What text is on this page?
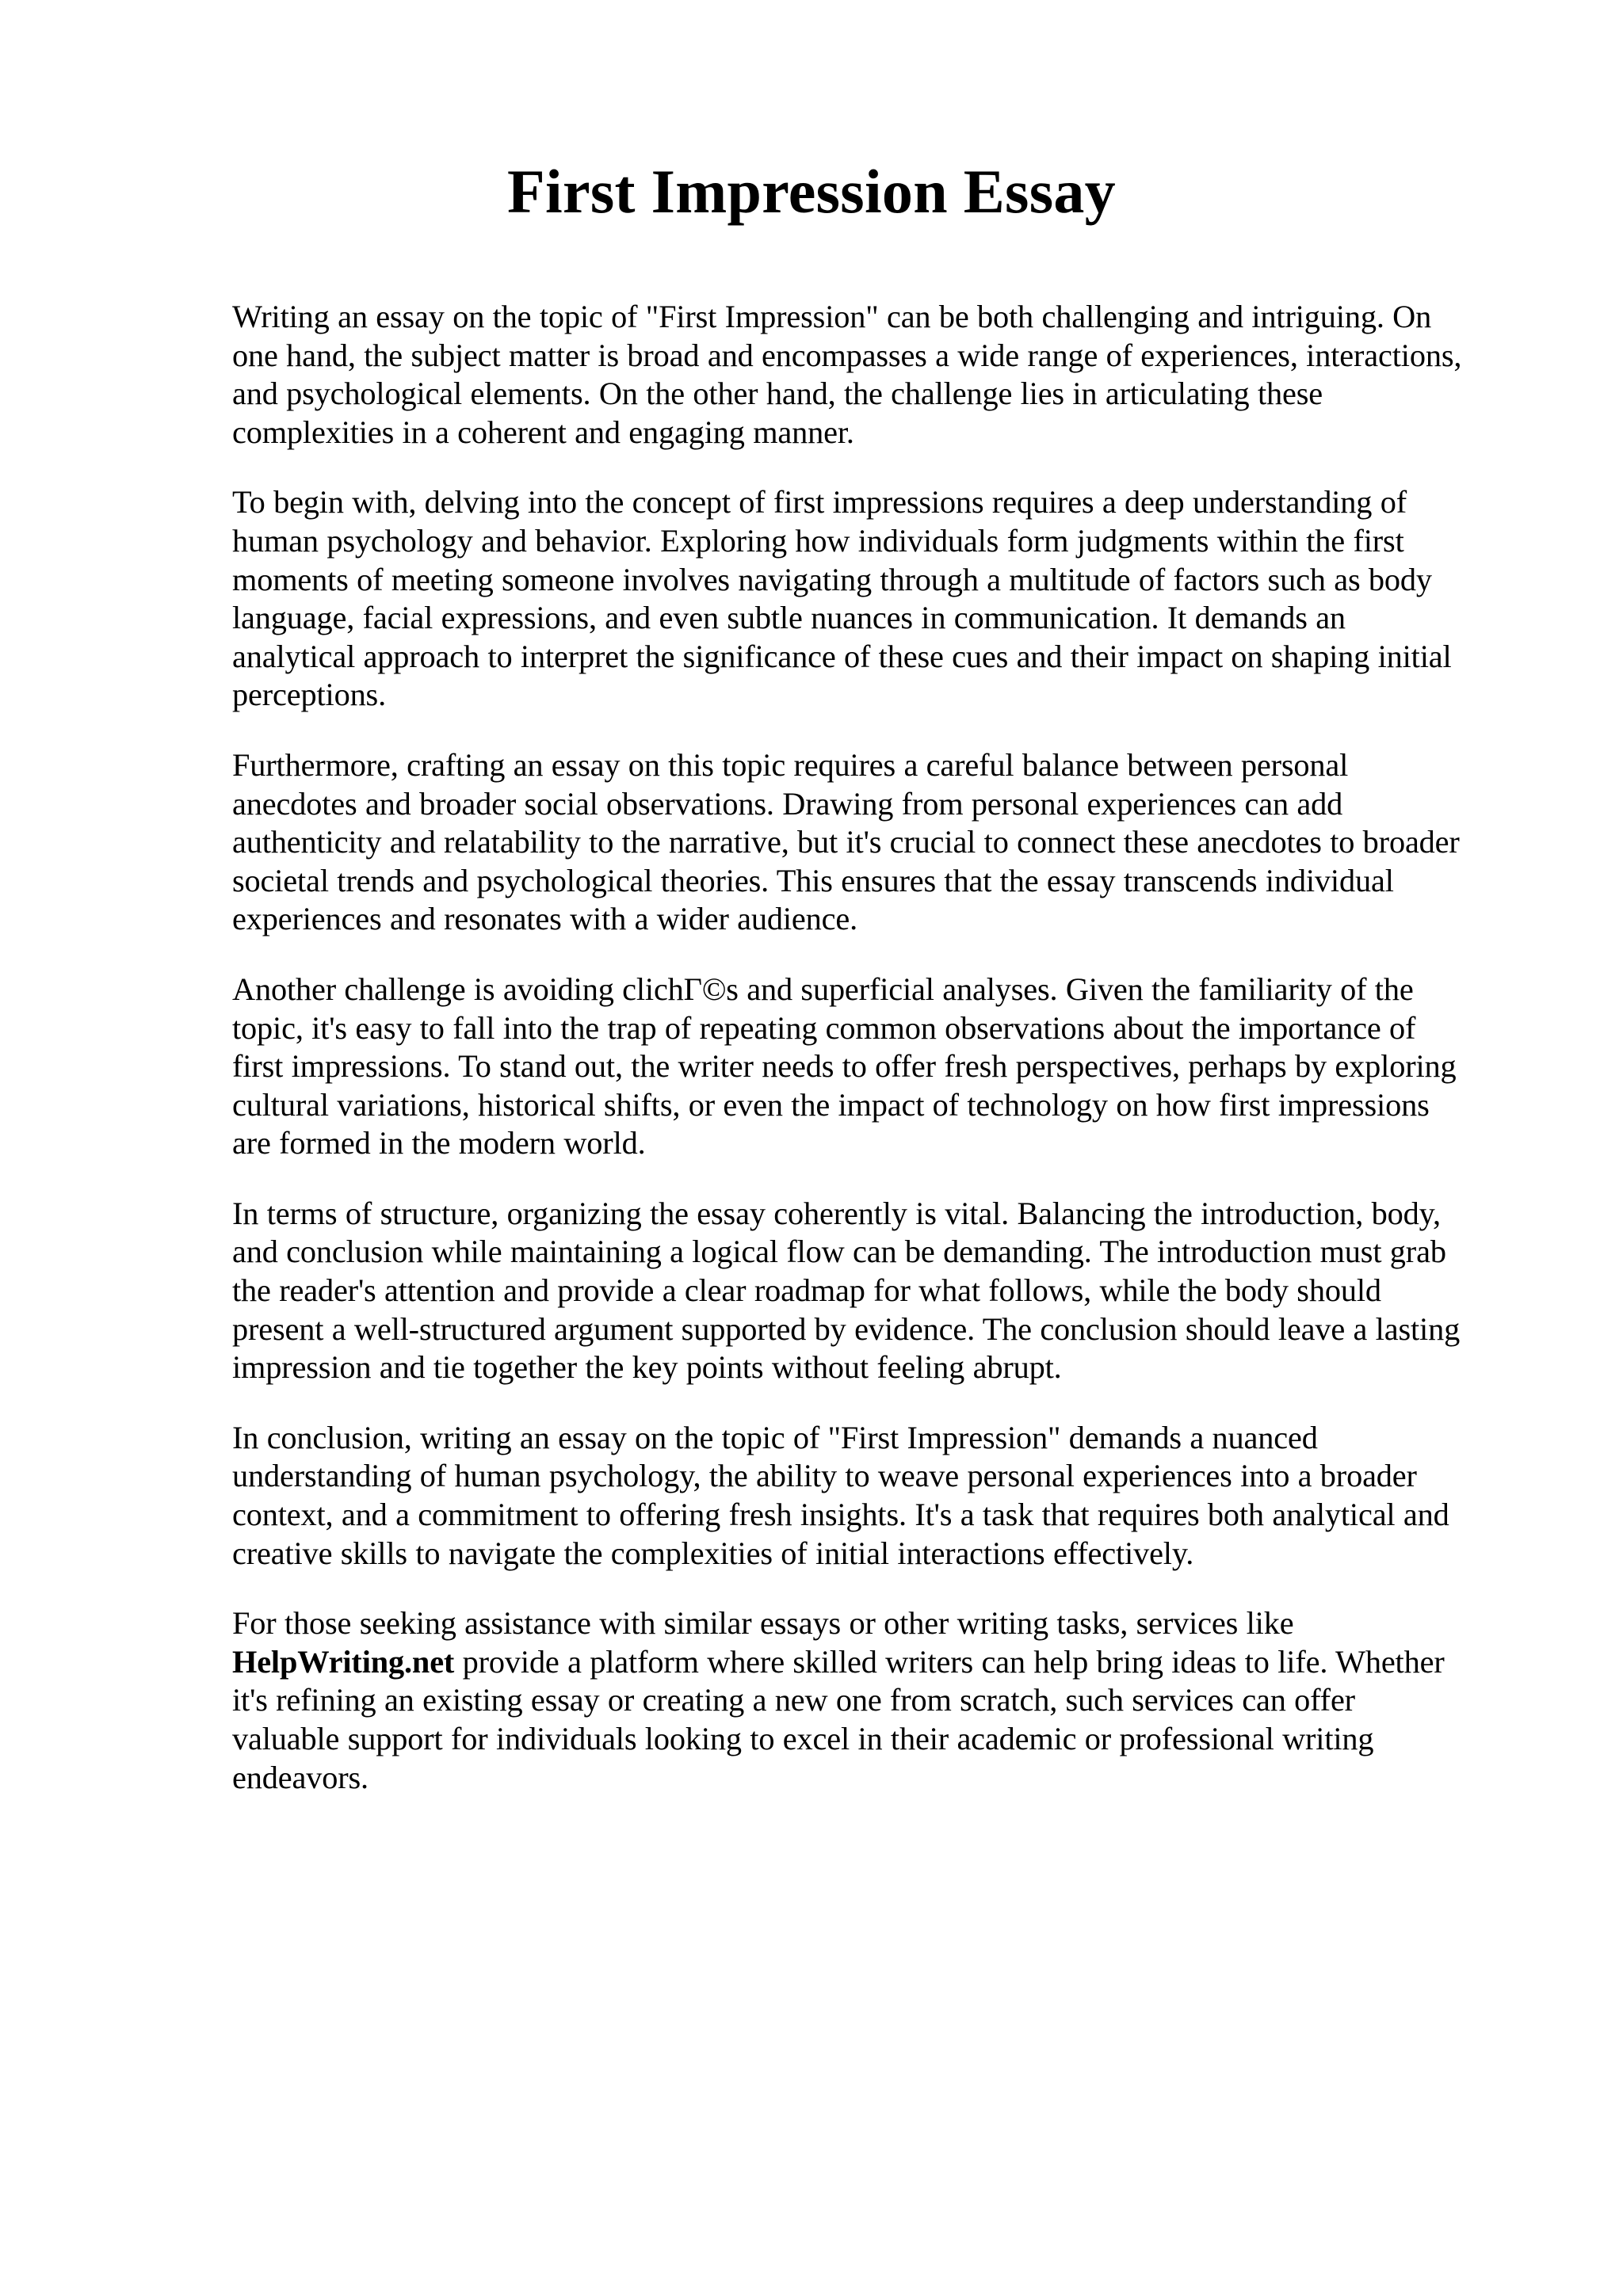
First Impression Essay

Writing an essay on the topic of "First Impression" can be both challenging and intriguing. On
one hand, the subject matter is broad and encompasses a wide range of experiences, interactions,
and psychological elements. On the other hand, the challenge lies in articulating these
complexities in a coherent and engaging manner.

To begin with, delving into the concept of first impressions requires a deep understanding of
human psychology and behavior. Exploring how individuals form judgments within the first
moments of meeting someone involves navigating through a multitude of factors such as body
language, facial expressions, and even subtle nuances in communication. It demands an
analytical approach to interpret the significance of these cues and their impact on shaping initial
perceptions.

Furthermore, crafting an essay on this topic requires a careful balance between personal
anecdotes and broader social observations. Drawing from personal experiences can add
authenticity and relatability to the narrative, but it's crucial to connect these anecdotes to broader
societal trends and psychological theories. This ensures that the essay transcends individual
experiences and resonates with a wider audience.

Another challenge is avoiding clichГ©s and superficial analyses. Given the familiarity of the
topic, it's easy to fall into the trap of repeating common observations about the importance of
first impressions. To stand out, the writer needs to offer fresh perspectives, perhaps by exploring
cultural variations, historical shifts, or even the impact of technology on how first impressions
are formed in the modern world.

In terms of structure, organizing the essay coherently is vital. Balancing the introduction, body,
and conclusion while maintaining a logical flow can be demanding. The introduction must grab
the reader's attention and provide a clear roadmap for what follows, while the body should
present a well-structured argument supported by evidence. The conclusion should leave a lasting
impression and tie together the key points without feeling abrupt.

In conclusion, writing an essay on the topic of "First Impression" demands a nuanced
understanding of human psychology, the ability to weave personal experiences into a broader
context, and a commitment to offering fresh insights. It's a task that requires both analytical and
creative skills to navigate the complexities of initial interactions effectively.

For those seeking assistance with similar essays or other writing tasks, services like
HelpWriting.net provide a platform where skilled writers can help bring ideas to life. Whether
it's refining an existing essay or creating a new one from scratch, such services can offer
valuable support for individuals looking to excel in their academic or professional writing
endeavors.
